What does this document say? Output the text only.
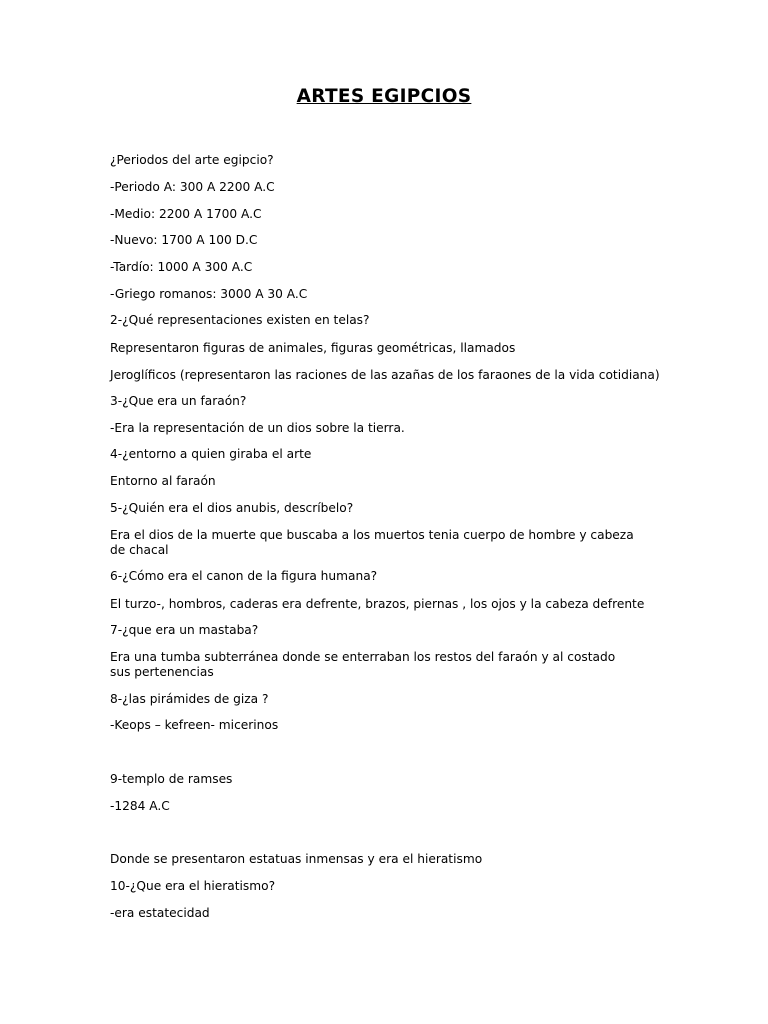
ARTES EGIPCIOS
¿Periodos del arte egipcio?
-Periodo A: 300 A 2200 A.C
-Medio: 2200 A 1700 A.C
-Nuevo: 1700 A 100 D.C
-Tardío: 1000 A 300 A.C
-Griego romanos: 3000 A 30 A.C
2-¿Qué representaciones existen en telas?
Representaron figuras de animales, figuras geométricas, llamados
Jeroglíficos (representaron las raciones de las azañas de los faraones de la vida cotidiana)
3-¿Que era un faraón?
-Era la representación de un dios sobre la tierra.
4-¿entorno a quien giraba el arte
Entorno al faraón
5-¿Quién era el dios anubis, descríbelo?
Era el dios de la muerte que buscaba a los muertos tenia cuerpo de hombre y cabeza de chacal
6-¿Cómo era el canon de la figura humana?
El turzo-, hombros, caderas era defrente, brazos, piernas , los ojos y la cabeza defrente
7-¿que era un mastaba?
Era una tumba subterránea donde se enterraban los restos del faraón y al costado sus pertenencias
8-¿las pirámides de giza ?
-Keops – kefreen- micerinos
9-templo de ramses
-1284 A.C
Donde se presentaron estatuas inmensas y era el hieratismo
10-¿Que era el hieratismo?
-era estatecidad
